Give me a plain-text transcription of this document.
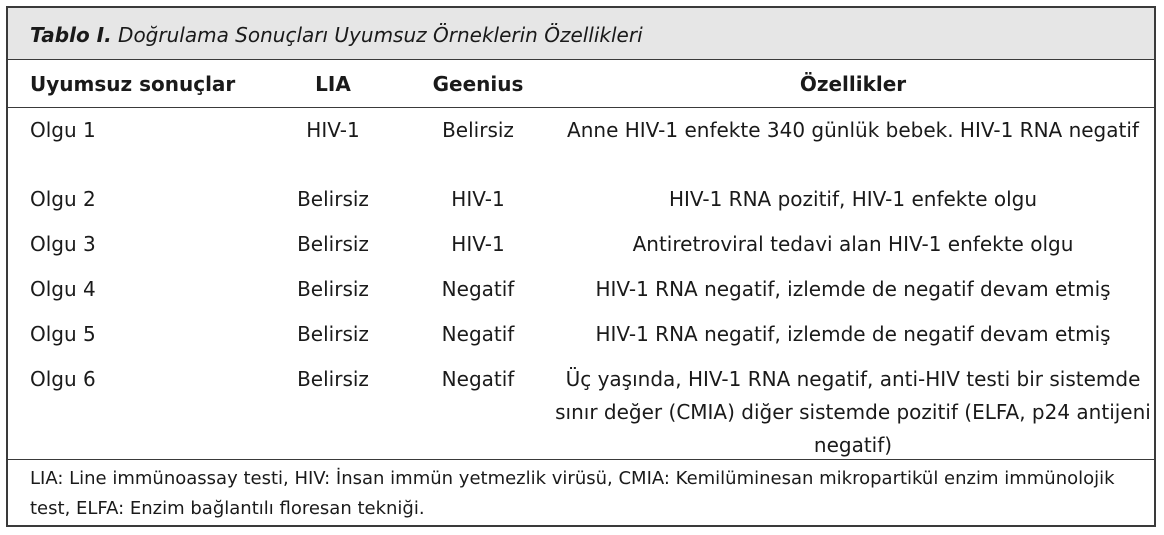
Tablo I. Doğrulama Sonuçları Uyumsuz Örneklerin Özellikleri
Uyumsuz sonuçlar	LIA	Geenius	Özellikler
Olgu 1	HIV-1	Belirsiz	Anne HIV-1 enfekte 340 günlük bebek. HIV-1 RNA negatif
Olgu 2	Belirsiz	HIV-1	HIV-1 RNA pozitif, HIV-1 enfekte olgu
Olgu 3	Belirsiz	HIV-1	Antiretroviral tedavi alan HIV-1 enfekte olgu
Olgu 4	Belirsiz	Negatif	HIV-1 RNA negatif, izlemde de negatif devam etmiş
Olgu 5	Belirsiz	Negatif	HIV-1 RNA negatif, izlemde de negatif devam etmiş
Olgu 6	Belirsiz	Negatif	Üç yaşında, HIV-1 RNA negatif, anti-HIV testi bir sistemde sınır değer (CMIA) diğer sistemde pozitif (ELFA, p24 antijeni negatif)
LIA: Line immünoassay testi, HIV: İnsan immün yetmezlik virüsü, CMIA: Kemilüminesan mikropartikül enzim immünolojik test, ELFA: Enzim bağlantılı floresan tekniği.
